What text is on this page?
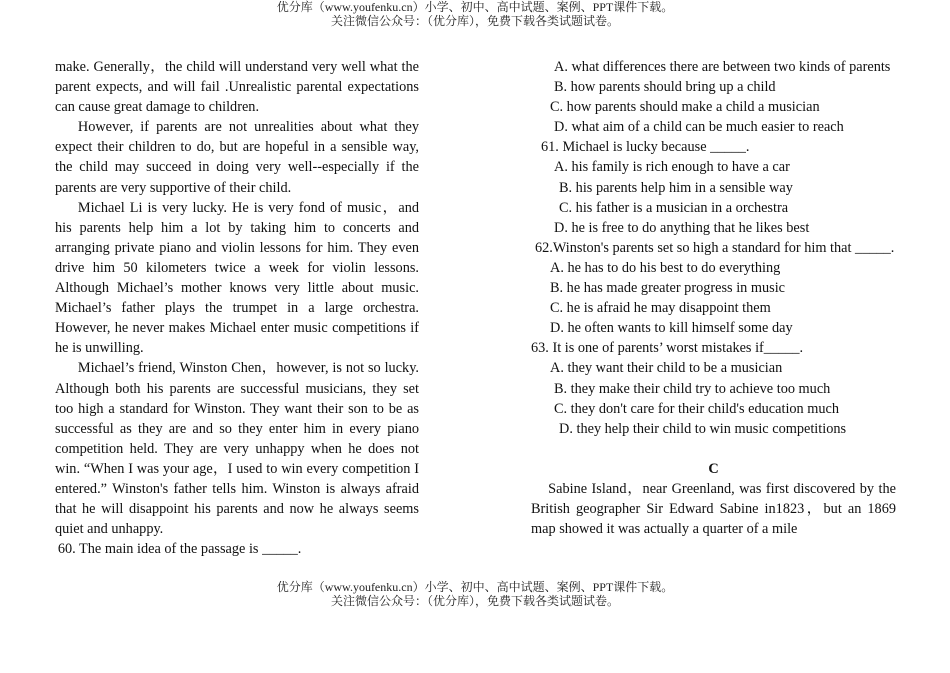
优分库（www.youfenku.cn）小学、初中、高中试题、案例、PPT课件下载。
关注微信公众号：（优分库），免费下载各类试题试卷。

make. Generally，the child will understand very well what the parent expects, and will fail .Unrealistic parental expectations can cause great damage to children.

However, if parents are not unrealities about what they expect their children to do, but are hopeful in a sensible way, the child may succeed in doing very well--especially if the parents are very supportive of their child.

Michael Li is very lucky. He is very fond of music，and his parents help him a lot by taking him to concerts and arranging private piano and violin lessons for him. They even drive him 50 kilometers twice a week for violin lessons. Although Michael’s mother knows very little about music. Michael’s father plays the trumpet in a large orchestra. However, he never makes Michael enter music competitions if he is unwilling.

Michael’s friend, Winston Chen，however, is not so lucky. Although both his parents are successful musicians, they set too high a standard for Winston. They want their son to be as successful as they are and so they enter him in every piano competition held. They are very unhappy when he does not win. “When I was your age，I used to win every competition I entered.” Winston's father tells him. Winston is always afraid that he will disappoint his parents and now he always seems quiet and unhappy.

60. The main idea of the passage is _____.

A. what differences there are between two kinds of parents

B. how parents should bring up a child

C. how parents should make a child a musician

D. what aim of a child can be much easier to reach

61. Michael is lucky because _____.

A. his family is rich enough to have a car

B. his parents help him in a sensible way

C. his father is a musician in a orchestra

D. he is free to do anything that he likes best

62.Winston's parents set so high a standard for him that _____.

A. he has to do his best to do everything

B. he has made greater progress in music

C. he is afraid he may disappoint them

D. he often wants to kill himself some day

63. It is one of parents’ worst mistakes if_____.

A. they want their child to be a musician

B. they make their child try to achieve too much

C. they don't care for their child's education much

D. they help their child to win music competitions

C

Sabine Island，near Greenland, was first discovered by the British geographer Sir Edward Sabine in1823，but an 1869 map showed it was actually a quarter of a mile

优分库（www.youfenku.cn）小学、初中、高中试题、案例、PPT课件下载。
关注微信公众号：（优分库），免费下载各类试题试卷。
